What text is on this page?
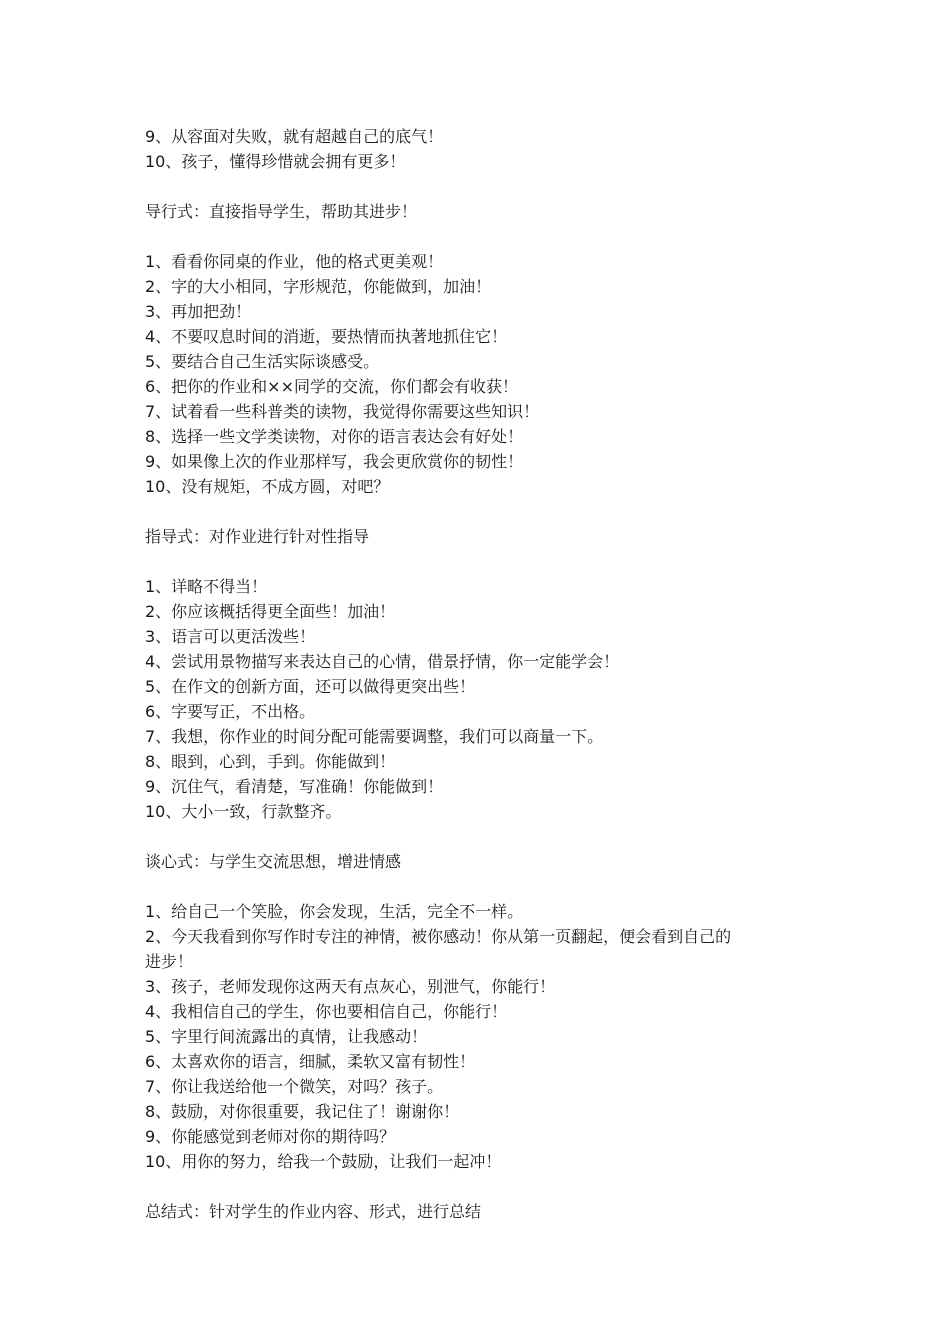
9、从容面对失败，就有超越自己的底气！
10、孩子，懂得珍惜就会拥有更多！
导行式：直接指导学生，帮助其进步！
1、看看你同桌的作业，他的格式更美观！
2、字的大小相同，字形规范，你能做到，加油！
3、再加把劲！
4、不要叹息时间的消逝，要热情而执著地抓住它！
5、要结合自己生活实际谈感受。
6、把你的作业和××同学的交流，你们都会有收获！
7、试着看一些科普类的读物，我觉得你需要这些知识！
8、选择一些文学类读物，对你的语言表达会有好处！
9、如果像上次的作业那样写，我会更欣赏你的韧性！
10、没有规矩，不成方圆，对吧？
指导式：对作业进行针对性指导
1、详略不得当！
2、你应该概括得更全面些！加油！
3、语言可以更活泼些！
4、尝试用景物描写来表达自己的心情，借景抒情，你一定能学会！
5、在作文的创新方面，还可以做得更突出些！
6、字要写正，不出格。
7、我想，你作业的时间分配可能需要调整，我们可以商量一下。
8、眼到，心到，手到。你能做到！
9、沉住气，看清楚，写准确！你能做到！
10、大小一致，行款整齐。
谈心式：与学生交流思想，增进情感
1、给自己一个笑脸，你会发现，生活，完全不一样。
2、今天我看到你写作时专注的神情，被你感动！你从第一页翻起，便会看到自己的
进步！
3、孩子，老师发现你这两天有点灰心，别泄气，你能行！
4、我相信自己的学生，你也要相信自己，你能行！
5、字里行间流露出的真情，让我感动！
6、太喜欢你的语言，细腻，柔软又富有韧性！
7、你让我送给他一个微笑，对吗？孩子。
8、鼓励，对你很重要，我记住了！谢谢你！
9、你能感觉到老师对你的期待吗？
10、用你的努力，给我一个鼓励，让我们一起冲！
总结式：针对学生的作业内容、形式，进行总结
